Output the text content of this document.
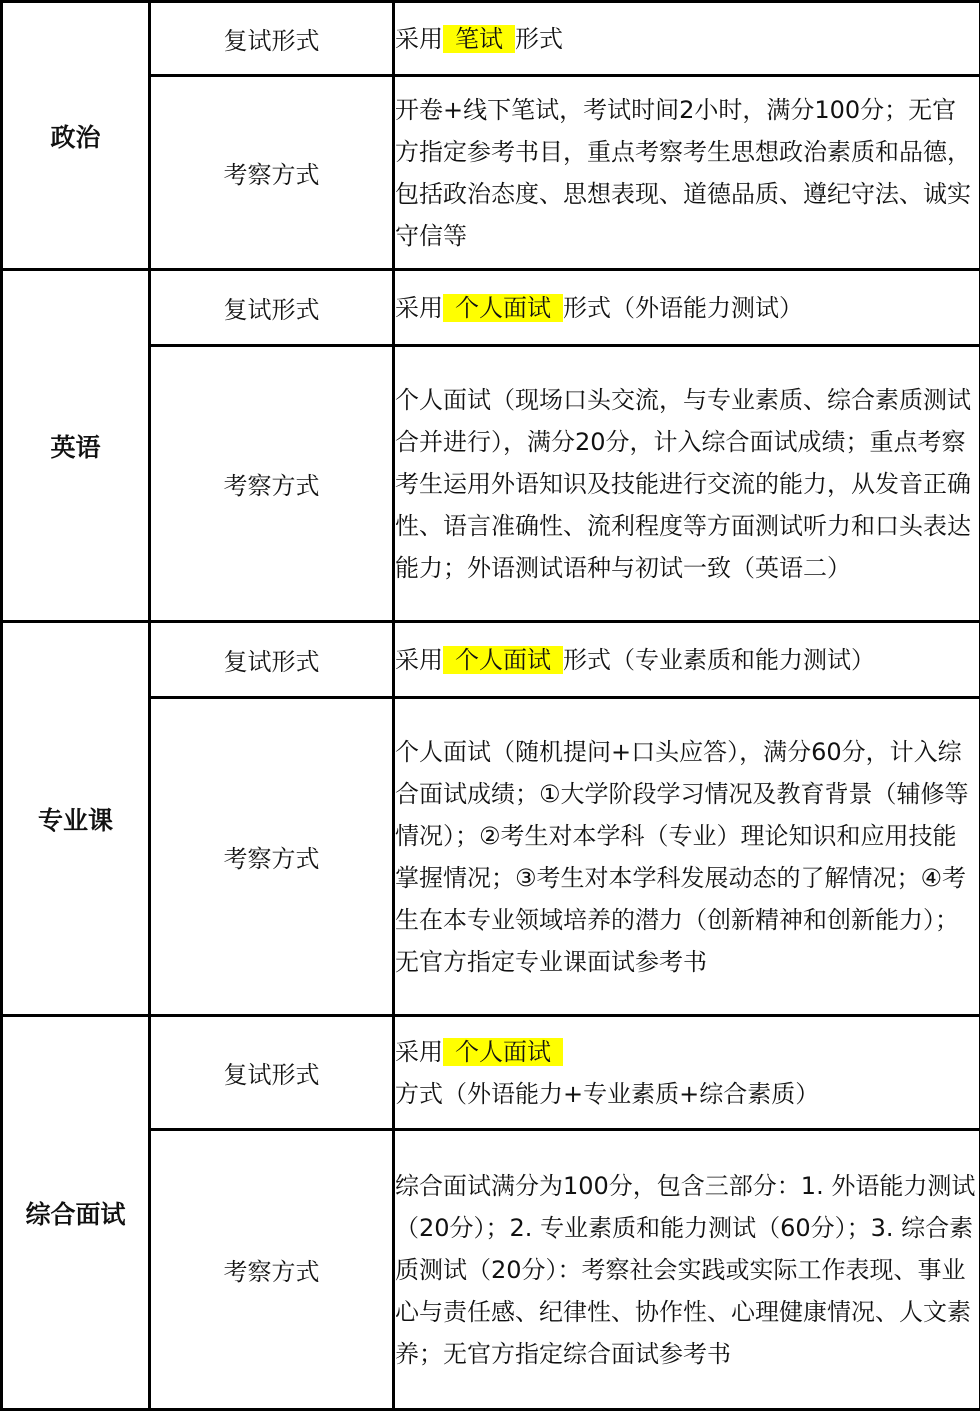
政治	复试形式	采用 笔试 形式
	考察方式	开卷+线下笔试，考试时间2小时，满分100分；无官方指定参考书目，重点考察考生思想政治素质和品德，包括政治态度、思想表现、道德品质、遵纪守法、诚实守信等
英语	复试形式	采用 个人面试 形式（外语能力测试）
	考察方式	个人面试（现场口头交流，与专业素质、综合素质测试合并进行），满分20分，计入综合面试成绩；重点考察考生运用外语知识及技能进行交流的能力，从发音正确性、语言准确性、流利程度等方面测试听力和口头表达能力；外语测试语种与初试一致（英语二）
专业课	复试形式	采用 个人面试 形式（专业素质和能力测试）
	考察方式	个人面试（随机提问+口头应答），满分60分，计入综合面试成绩；①大学阶段学习情况及教育背景（辅修等情况）；②考生对本学科（专业）理论知识和应用技能掌握情况；③考生对本学科发展动态的了解情况；④考生在本专业领域培养的潜力（创新精神和创新能力）；无官方指定专业课面试参考书
综合面试	复试形式	采用 个人面试方式（外语能力+专业素质+综合素质）
	考察方式	综合面试满分为100分，包含三部分：1. 外语能力测试（20分）；2. 专业素质和能力测试（60分）；3. 综合素质测试（20分）：考察社会实践或实际工作表现、事业心与责任感、纪律性、协作性、心理健康情况、人文素养；无官方指定综合面试参考书
